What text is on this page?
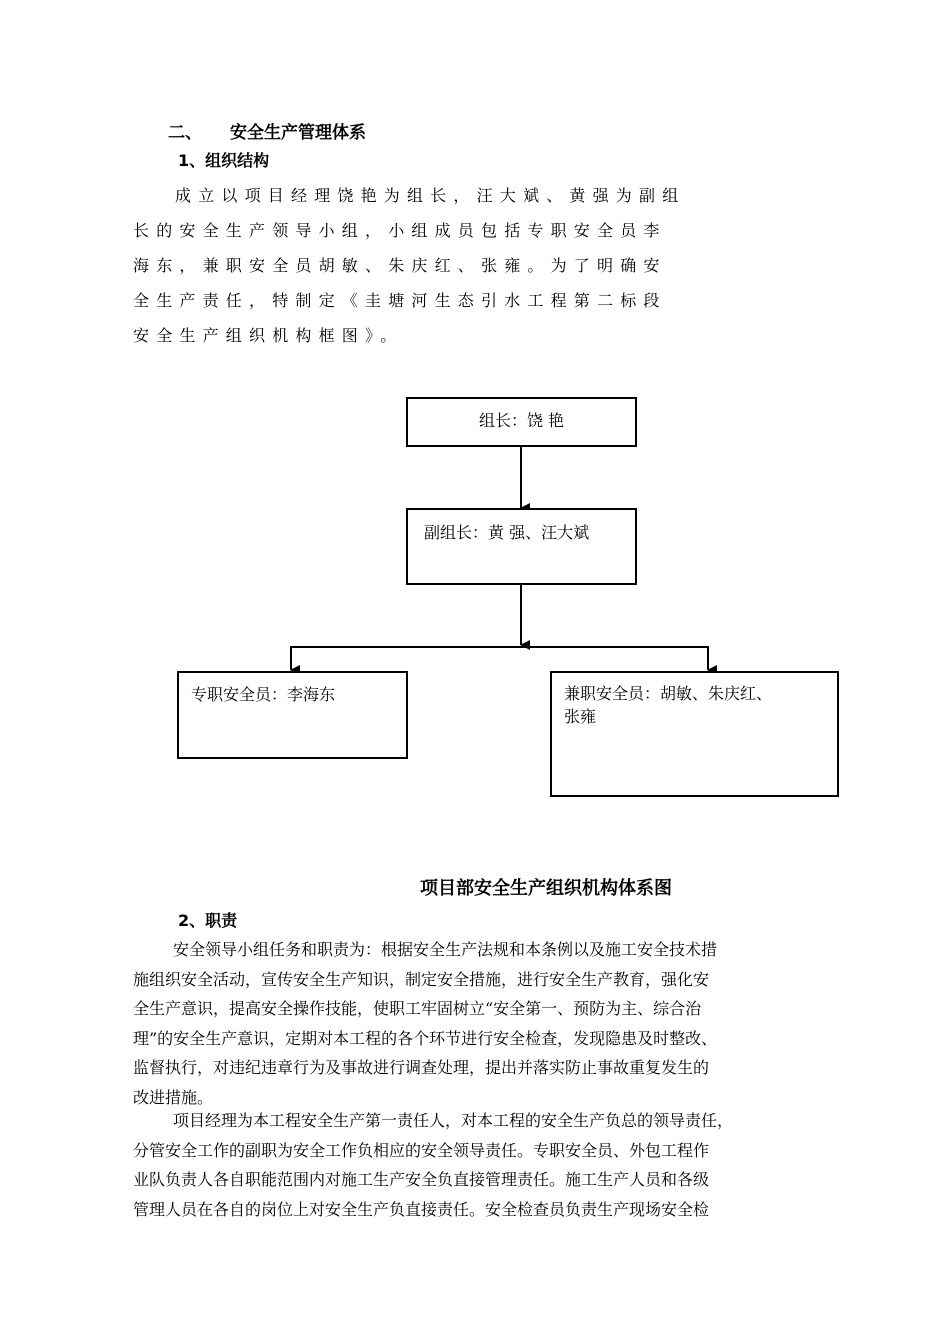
二、 安全生产管理体系
1、组织结构
成立以项目经理饶艳为组长，汪大斌、黄强为副组
长的安全生产领导小组，小组成员包括专职安全员李
海东，兼职安全员胡敏、朱庆红、张雍。为了明确安
全生产责任，特制定《圭塘河生态引水工程第二标段
安全生产组织机构框图》。
组长：饶 艳
副组长：黄 强、汪大斌
专职安全员：李海东	兼职安全员：胡敏、朱庆红、
张雍
项目部安全生产组织机构体系图
2、职责
安全领导小组任务和职责为：根据安全生产法规和本条例以及施工安全技术措
施组织安全活动，宣传安全生产知识，制定安全措施，进行安全生产教育，强化安
全生产意识，提高安全操作技能，使职工牢固树立“安全第一、预防为主、综合治
理”的安全生产意识，定期对本工程的各个环节进行安全检查，发现隐患及时整改、
监督执行，对违纪违章行为及事故进行调查处理，提出并落实防止事故重复发生的
改进措施。
项目经理为本工程安全生产第一责任人，对本工程的安全生产负总的领导责任，
分管安全工作的副职为安全工作负相应的安全领导责任。专职安全员、外包工程作
业队负责人各自职能范围内对施工生产安全负直接管理责任。施工生产人员和各级
管理人员在各自的岗位上对安全生产负直接责任。安全检查员负责生产现场安全检
